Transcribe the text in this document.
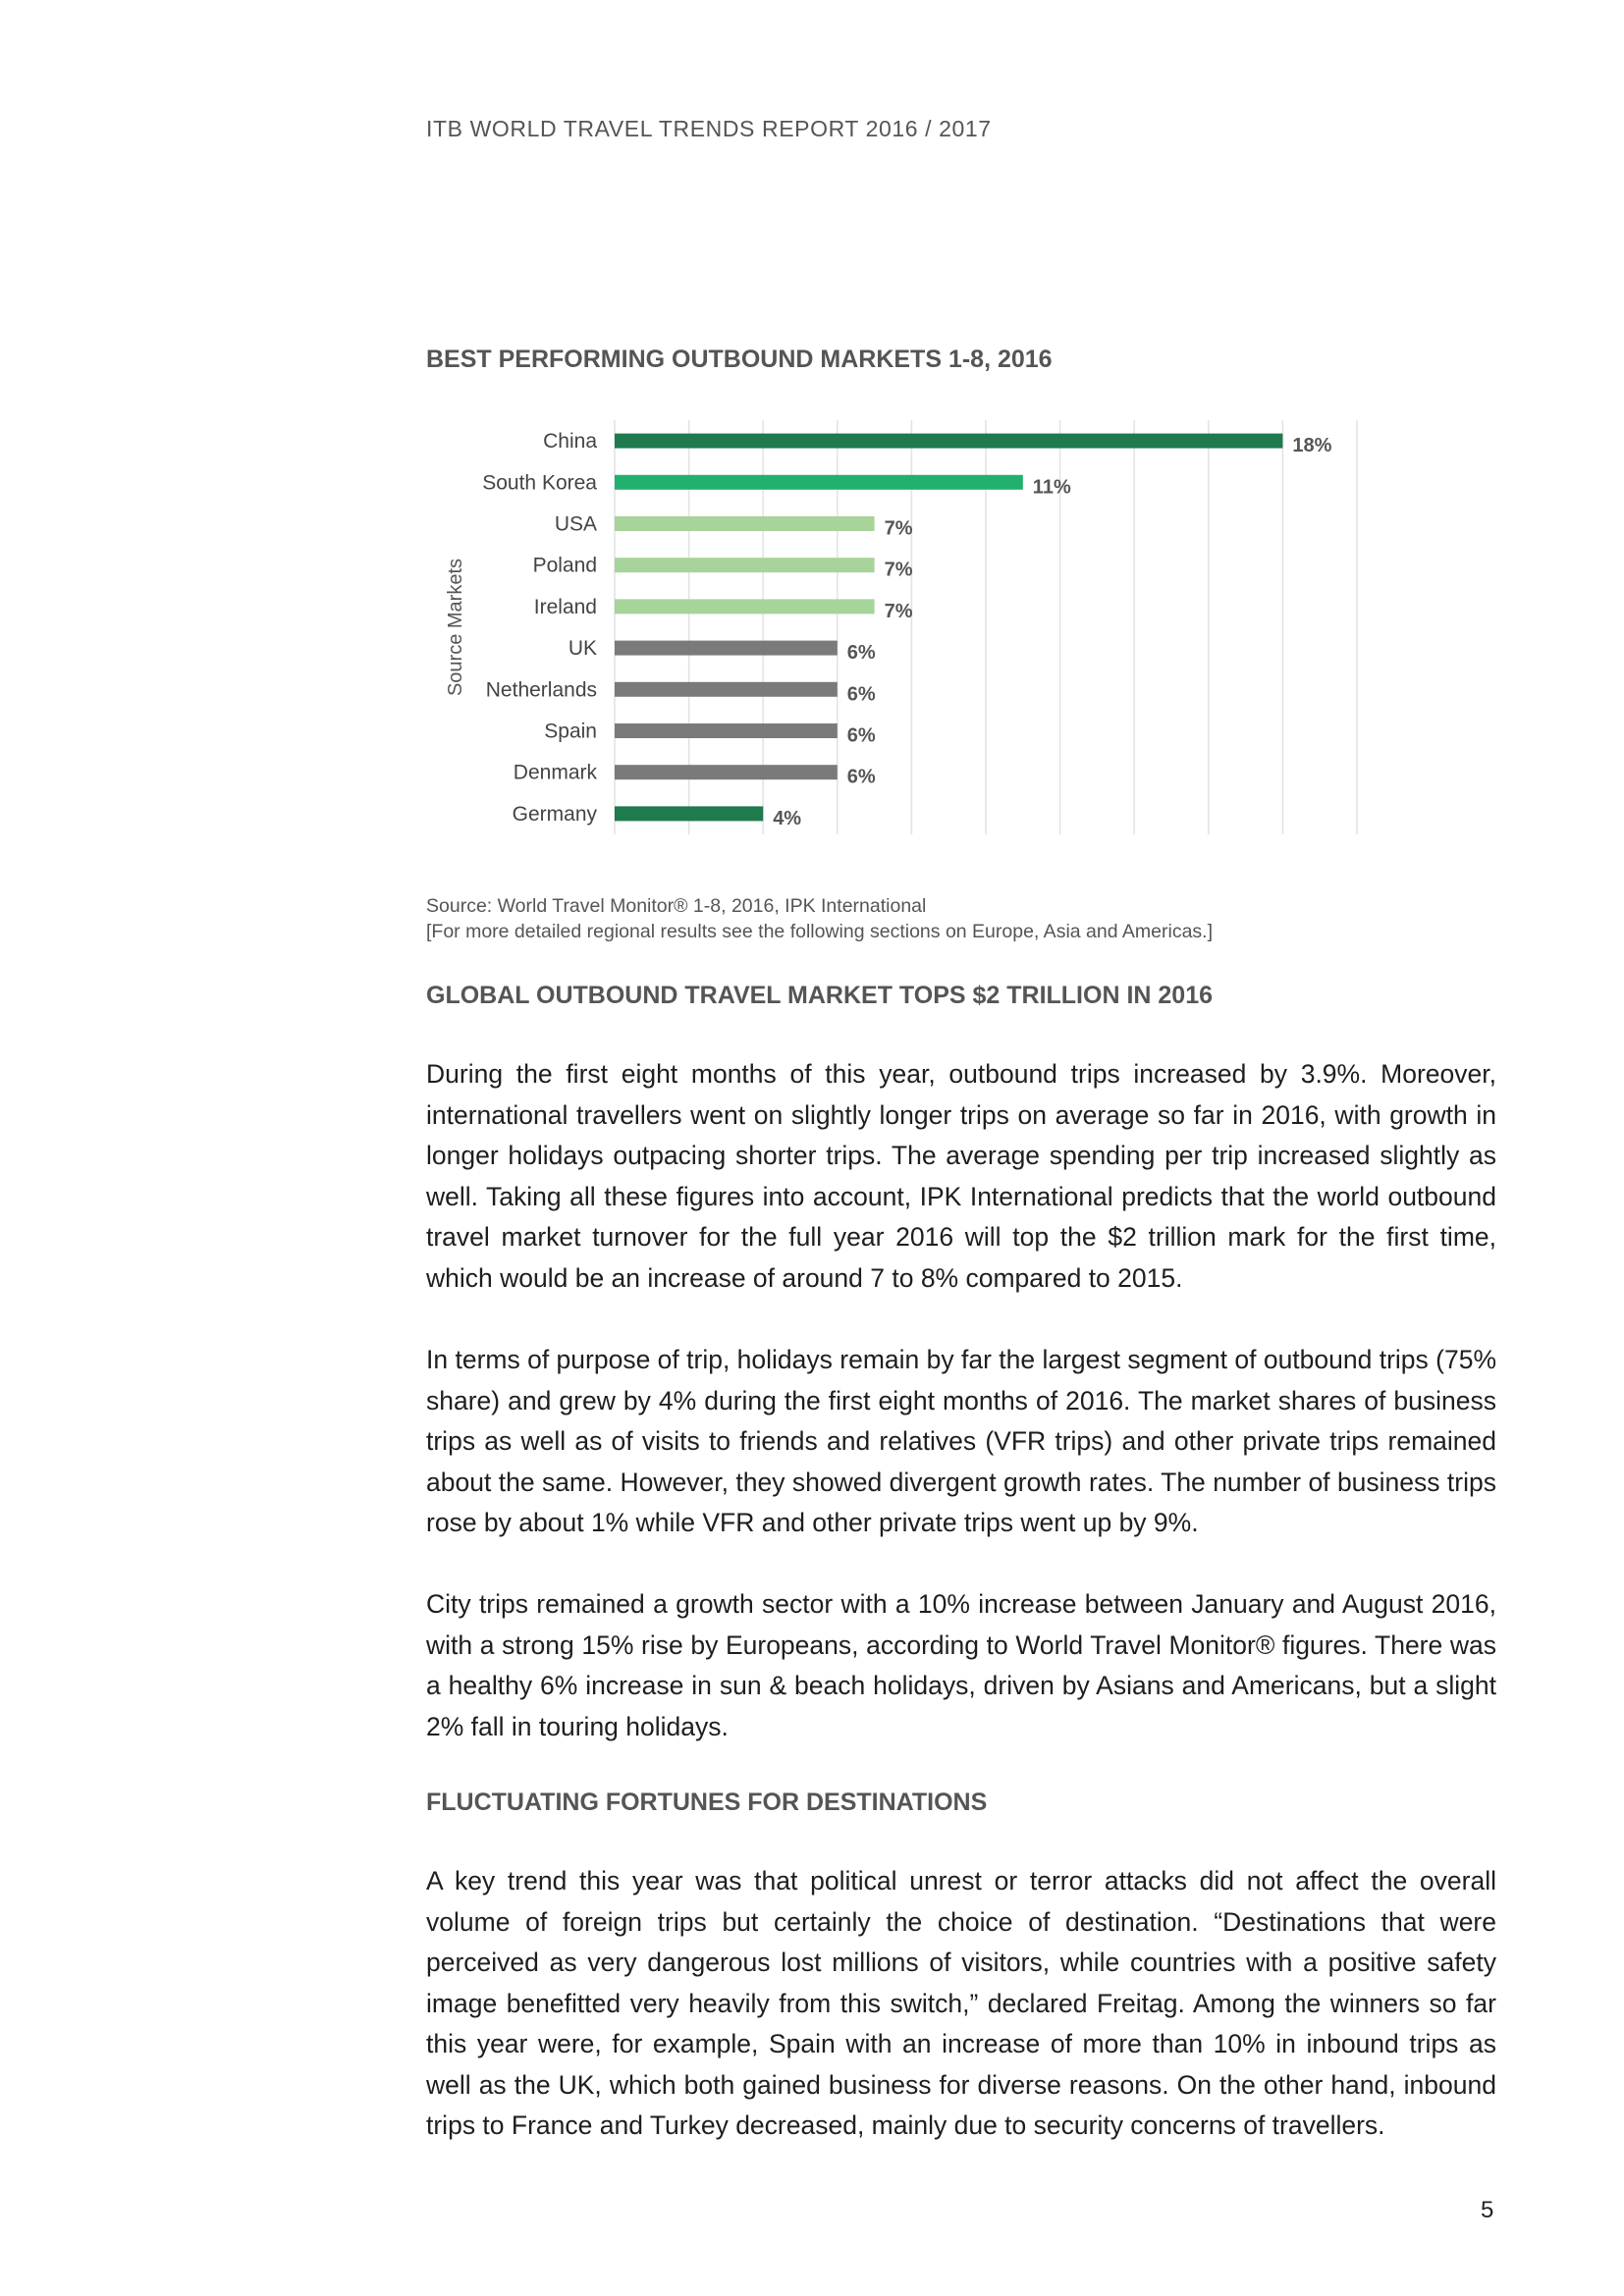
ITB WORLD TRAVEL TRENDS REPORT 2016 / 2017
BEST PERFORMING OUTBOUND MARKETS 1-8, 2016
China	18%
South Korea	11%
USA	7%
Poland	7%
Ireland	7%
UK	6%
Netherlands	6%
Spain	6%
Denmark	6%
Germany	4%
Source Markets
Source: World Travel Monitor® 1-8, 2016, IPK International
[For more detailed regional results see the following sections on Europe, Asia and Americas.]
GLOBAL OUTBOUND TRAVEL MARKET TOPS $2 TRILLION IN 2016

During the first eight months of this year, outbound trips increased by 3.9%. Moreover, international travellers went on slightly longer trips on average so far in 2016, with growth in longer holidays outpacing shorter trips. The average spending per trip increased slightly as well. Taking all these figures into account, IPK International predicts that the world outbound travel market turnover for the full year 2016 will top the $2 trillion mark for the first time, which would be an increase of around 7 to 8% compared to 2015.

In terms of purpose of trip, holidays remain by far the largest segment of outbound trips (75% share) and grew by 4% during the first eight months of 2016. The market shares of business trips as well as of visits to friends and relatives (VFR trips) and other private trips remained about the same. However, they showed divergent growth rates. The number of business trips rose by about 1% while VFR and other private trips went up by 9%.

City trips remained a growth sector with a 10% increase between January and August 2016, with a strong 15% rise by Europeans, according to World Travel Monitor® figures. There was a healthy 6% increase in sun & beach holidays, driven by Asians and Americans, but a slight 2% fall in touring holidays.

FLUCTUATING FORTUNES FOR DESTINATIONS

A key trend this year was that political unrest or terror attacks did not affect the overall volume of foreign trips but certainly the choice of destination. “Destinations that were perceived as very dangerous lost millions of visitors, while countries with a positive safety image benefitted very heavily from this switch,” declared Freitag. Among the winners so far this year were, for example, Spain with an increase of more than 10% in inbound trips as well as the UK, which both gained business for diverse reasons. On the other hand, inbound trips to France and Turkey decreased, mainly due to security concerns of travellers.

5
